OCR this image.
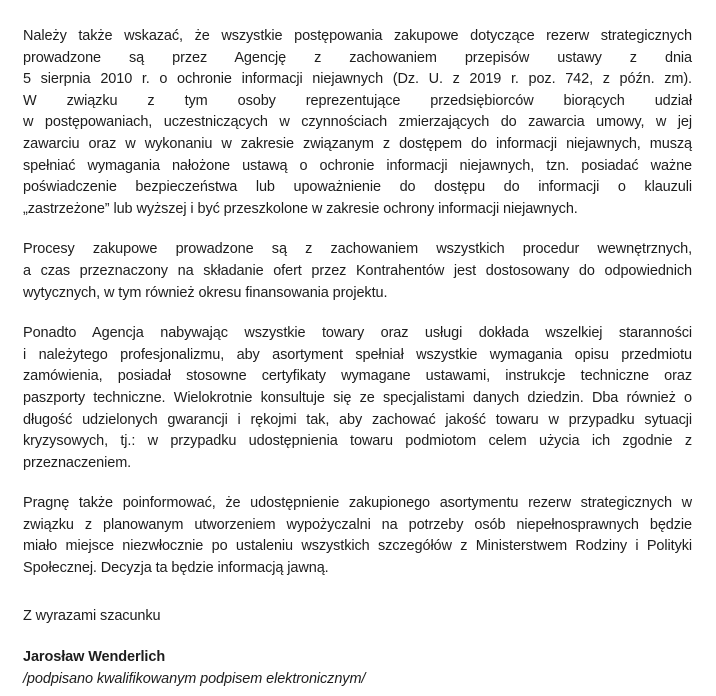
Należy także wskazać, że wszystkie postępowania zakupowe dotyczące rezerw strategicznych
prowadzone są przez Agencję z zachowaniem przepisów ustawy z dnia
5 sierpnia 2010 r. o ochronie informacji niejawnych (Dz. U. z 2019 r. poz. 742, z późn. zm).
W związku z tym osoby reprezentujące przedsiębiorców biorących udział
w postępowaniach, uczestniczących w czynnościach zmierzających do zawarcia umowy, w jej
zawarciu oraz w wykonaniu w zakresie związanym z dostępem do informacji niejawnych, muszą
spełniać wymagania nałożone ustawą o ochronie informacji niejawnych, tzn. posiadać ważne
poświadczenie bezpieczeństwa lub upoważnienie do dostępu do informacji o klauzuli
„zastrzeżone” lub wyższej i być przeszkolone w zakresie ochrony informacji niejawnych.
Procesy zakupowe prowadzone są z zachowaniem wszystkich procedur wewnętrznych,
a czas przeznaczony na składanie ofert przez Kontrahentów jest dostosowany do odpowiednich
wytycznych, w tym również okresu finansowania projektu.
Ponadto Agencja nabywając wszystkie towary oraz usługi dokłada wszelkiej staranności
i należytego profesjonalizmu, aby asortyment spełniał wszystkie wymagania opisu przedmiotu
zamówienia, posiadał stosowne certyfikaty wymagane ustawami, instrukcje techniczne oraz
paszporty techniczne. Wielokrotnie konsultuje się ze specjalistami danych dziedzin. Dba również o
długość udzielonych gwarancji i rękojmi tak, aby zachować jakość towaru w przypadku sytuacji
kryzysowych, tj.: w przypadku udostępnienia towaru podmiotom celem użycia ich zgodnie z
przeznaczeniem.
Pragnę także poinformować, że udostępnienie zakupionego asortymentu rezerw strategicznych w
związku z planowanym utworzeniem wypożyczalni na potrzeby osób niepełnosprawnych będzie
miało miejsce niezwłocznie po ustaleniu wszystkich szczegółów z Ministerstwem Rodziny i Polityki
Społecznej. Decyzja ta będzie informacją jawną.

Z wyrazami szacunku

Jarosław Wenderlich

/podpisano kwalifikowanym podpisem elektronicznym/
